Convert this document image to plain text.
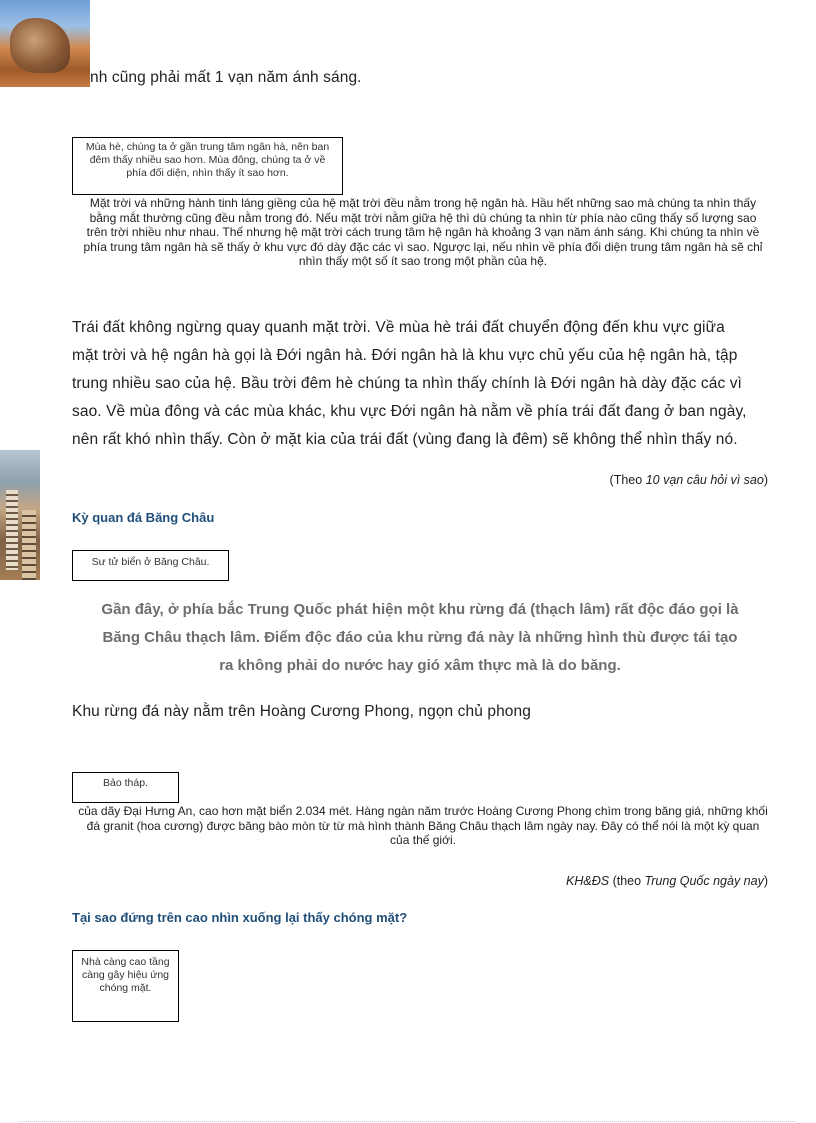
nh cũng phải mất 1 vạn năm ánh sáng.
Mùa hè, chúng ta ở gần trung tâm ngân hà, nên ban đêm thấy nhiều sao hơn. Mùa đông, chúng ta ở về phía đối diện, nhìn thấy ít sao hơn.
Mặt trời và những hành tinh láng giềng của hệ mặt trời đều nằm trong hệ ngân hà. Hầu hết những sao mà chúng ta nhìn thấy bằng mắt thường cũng đều nằm trong đó. Nếu mặt trời nằm giữa hệ thì dù chúng ta nhìn từ phía nào cũng thấy số lượng sao trên trời nhiều như nhau. Thế nhưng hệ mặt trời cách trung tâm hệ ngân hà khoảng 3 vạn năm ánh sáng. Khi chúng ta nhìn về phía trung tâm ngân hà sẽ thấy ở khu vực đó dày đặc các vì sao. Ngược lại, nếu nhìn về phía đối diện trung tâm ngân hà sẽ chỉ nhìn thấy một số ít sao trong một phần của hệ.
Trái đất không ngừng quay quanh mặt trời. Về mùa hè trái đất chuyển động đến khu vực giữa
mặt trời và hệ ngân hà gọi là Đới ngân hà. Đới ngân hà là khu vực chủ yếu của hệ ngân hà, tập
trung nhiều sao của hệ. Bầu trời đêm hè chúng ta nhìn thấy chính là Đới ngân hà dày đặc các vì
sao. Về mùa đông và các mùa khác, khu vực Đới ngân hà nằm về phía trái đất đang ở ban ngày,
nên rất khó nhìn thấy. Còn ở mặt kia của trái đất (vùng đang là đêm) sẽ không thể nhìn thấy nó.
(Theo 10 vạn câu hỏi vì sao)
Kỳ quan đá Băng Châu
Sư tử biển ở Băng Châu.
Gần đây, ở phía bắc Trung Quốc phát hiện một khu rừng đá (thạch lâm) rất độc đáo gọi là
Băng Châu thạch lâm. Điểm độc đáo của khu rừng đá này là những hình thù được tái tạo
ra không phải do nước hay gió xâm thực mà là do băng.
Khu rừng đá này nằm trên Hoàng Cương Phong, ngọn chủ phong
Bảo tháp.
của dãy Đại Hưng An, cao hơn mặt biển 2.034 mét. Hàng ngàn năm trước Hoàng Cương Phong chìm trong băng giá, những khối đá granit (hoa cương) được băng bào mòn từ từ mà hình thành Băng Châu thạch lâm ngày nay. Đây có thể nói là một kỳ quan của thế giới.
KH&ĐS (theo Trung Quốc ngày nay)
Tại sao đứng trên cao nhìn xuống lại thấy chóng mặt?
Nhà càng cao tầng càng gây hiệu ứng chóng mặt.
